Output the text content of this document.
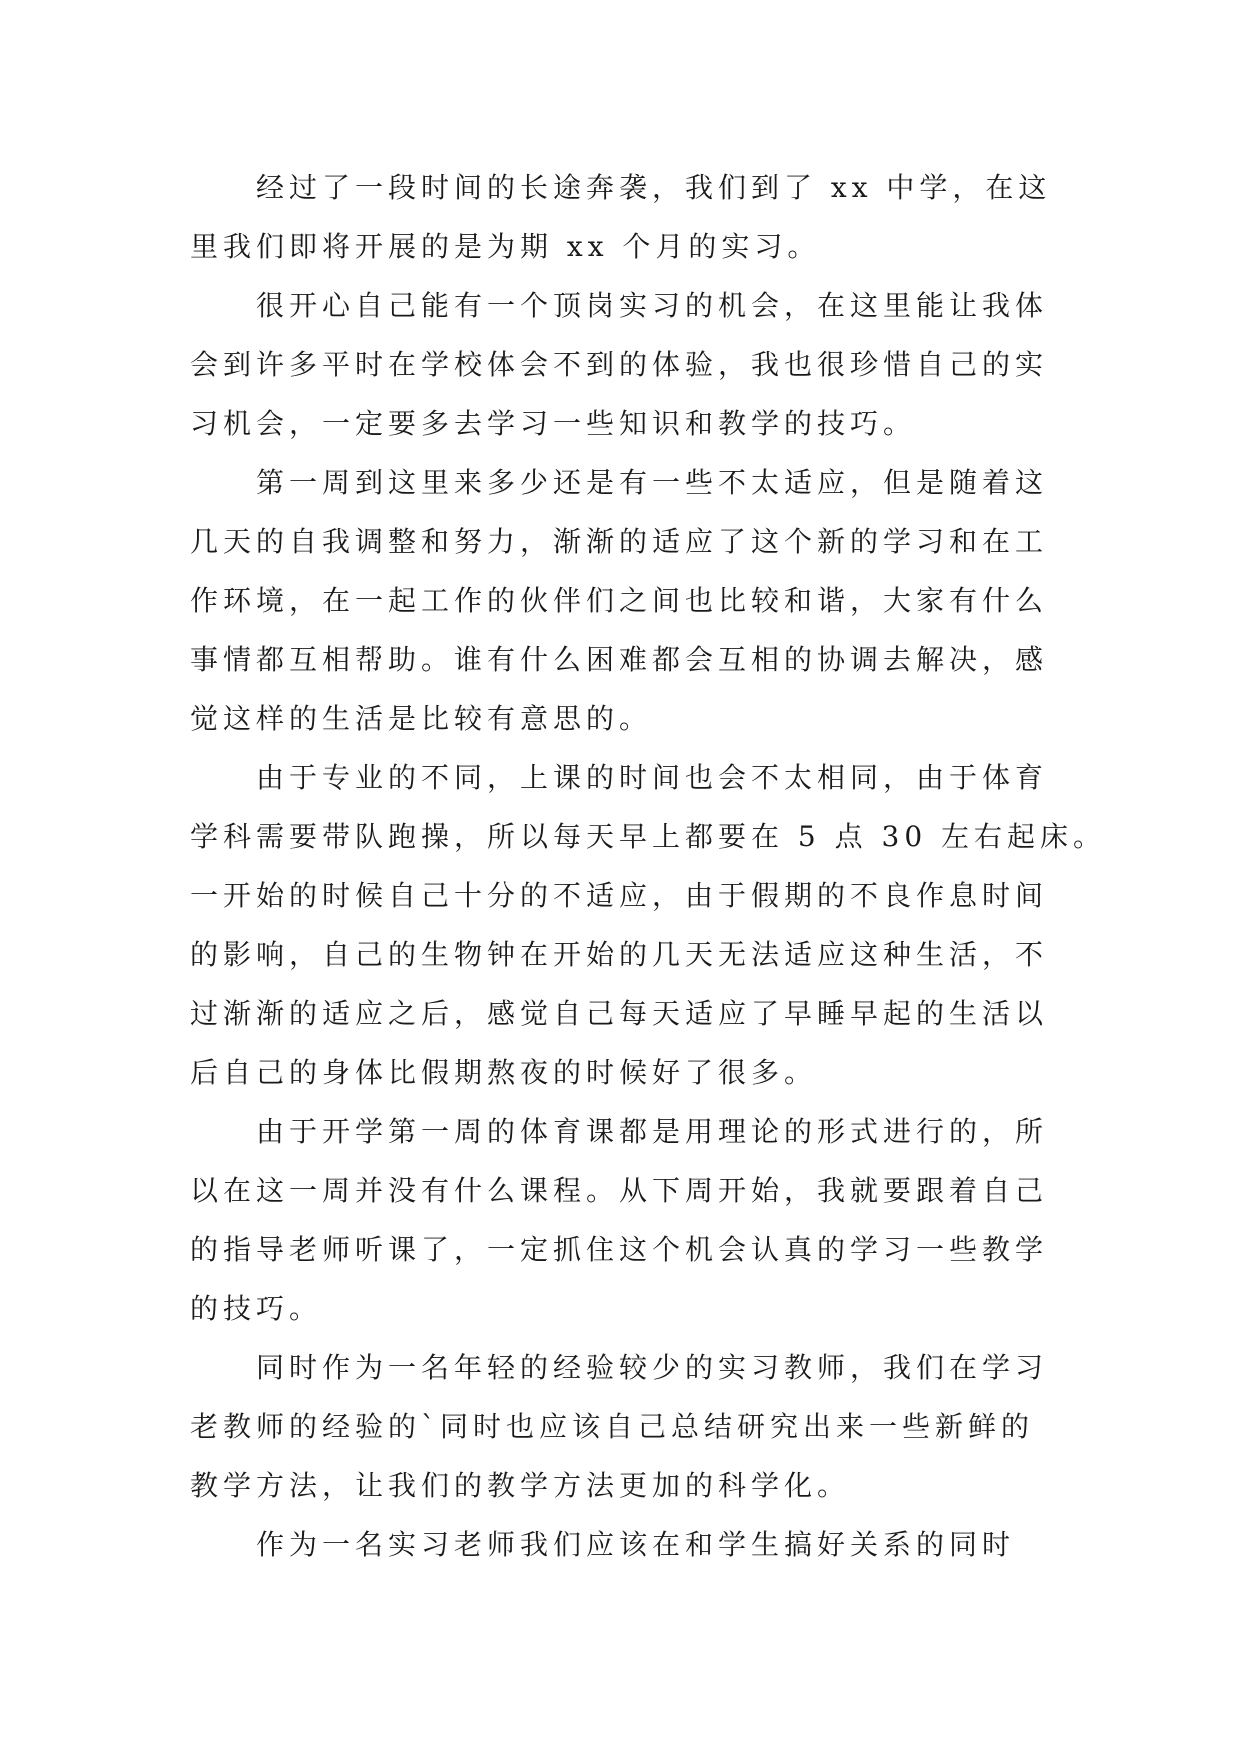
经过了一段时间的长途奔袭，我们到了 xx 中学，在这
里我们即将开展的是为期 xx 个月的实习。
很开心自己能有一个顶岗实习的机会，在这里能让我体
会到许多平时在学校体会不到的体验，我也很珍惜自己的实
习机会，一定要多去学习一些知识和教学的技巧。
第一周到这里来多少还是有一些不太适应，但是随着这
几天的自我调整和努力，渐渐的适应了这个新的学习和在工
作环境，在一起工作的伙伴们之间也比较和谐，大家有什么
事情都互相帮助。谁有什么困难都会互相的协调去解决，感
觉这样的生活是比较有意思的。
由于专业的不同，上课的时间也会不太相同，由于体育
学科需要带队跑操，所以每天早上都要在 5 点 30 左右起床。
一开始的时候自己十分的不适应，由于假期的不良作息时间
的影响，自己的生物钟在开始的几天无法适应这种生活，不
过渐渐的适应之后，感觉自己每天适应了早睡早起的生活以
后自己的身体比假期熬夜的时候好了很多。
由于开学第一周的体育课都是用理论的形式进行的，所
以在这一周并没有什么课程。从下周开始，我就要跟着自己
的指导老师听课了，一定抓住这个机会认真的学习一些教学
的技巧。
同时作为一名年轻的经验较少的实习教师，我们在学习
老教师的经验的`同时也应该自己总结研究出来一些新鲜的
教学方法，让我们的教学方法更加的科学化。
作为一名实习老师我们应该在和学生搞好关系的同时
